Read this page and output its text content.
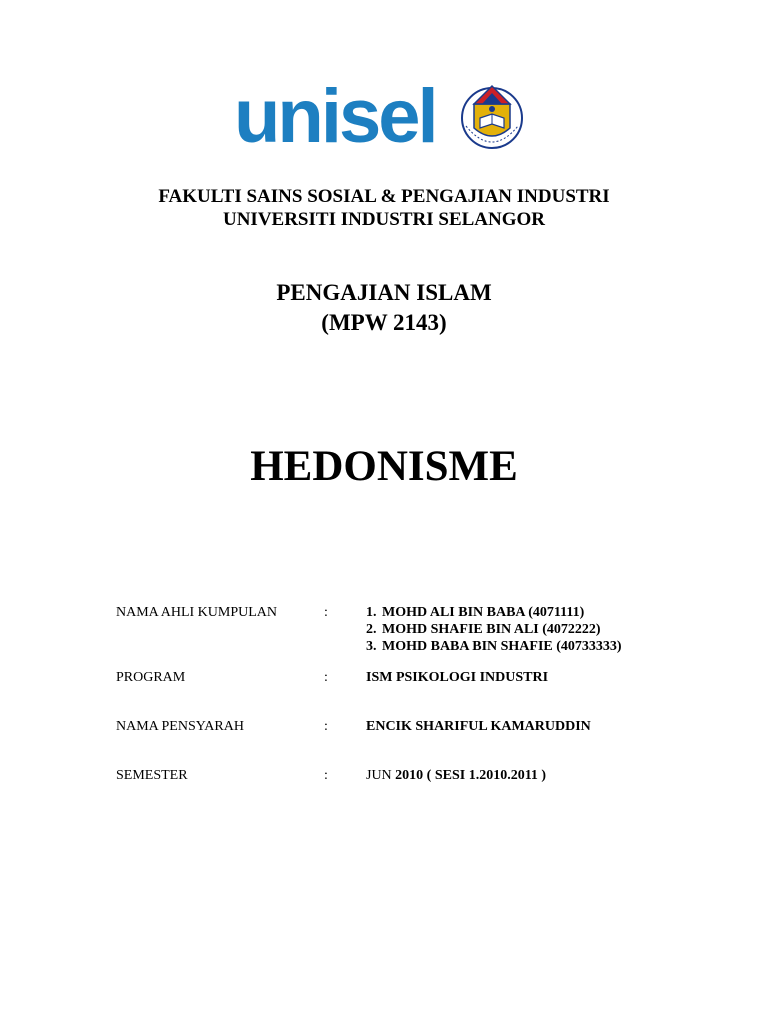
unisel
FAKULTI SAINS SOSIAL & PENGAJIAN INDUSTRI
UNIVERSITI INDUSTRI SELANGOR
PENGAJIAN ISLAM
(MPW 2143)
HEDONISME
NAMA AHLI KUMPULAN	:	1. MOHD ALI BIN BABA (4071111)
2. MOHD SHAFIE BIN ALI (4072222)
3. MOHD BABA BIN SHAFIE (40733333)
PROGRAM	:	ISM PSIKOLOGI INDUSTRI
NAMA PENSYARAH	:	ENCIK SHARIFUL KAMARUDDIN
SEMESTER	:	JUN 2010 ( SESI 1.2010.2011 )
